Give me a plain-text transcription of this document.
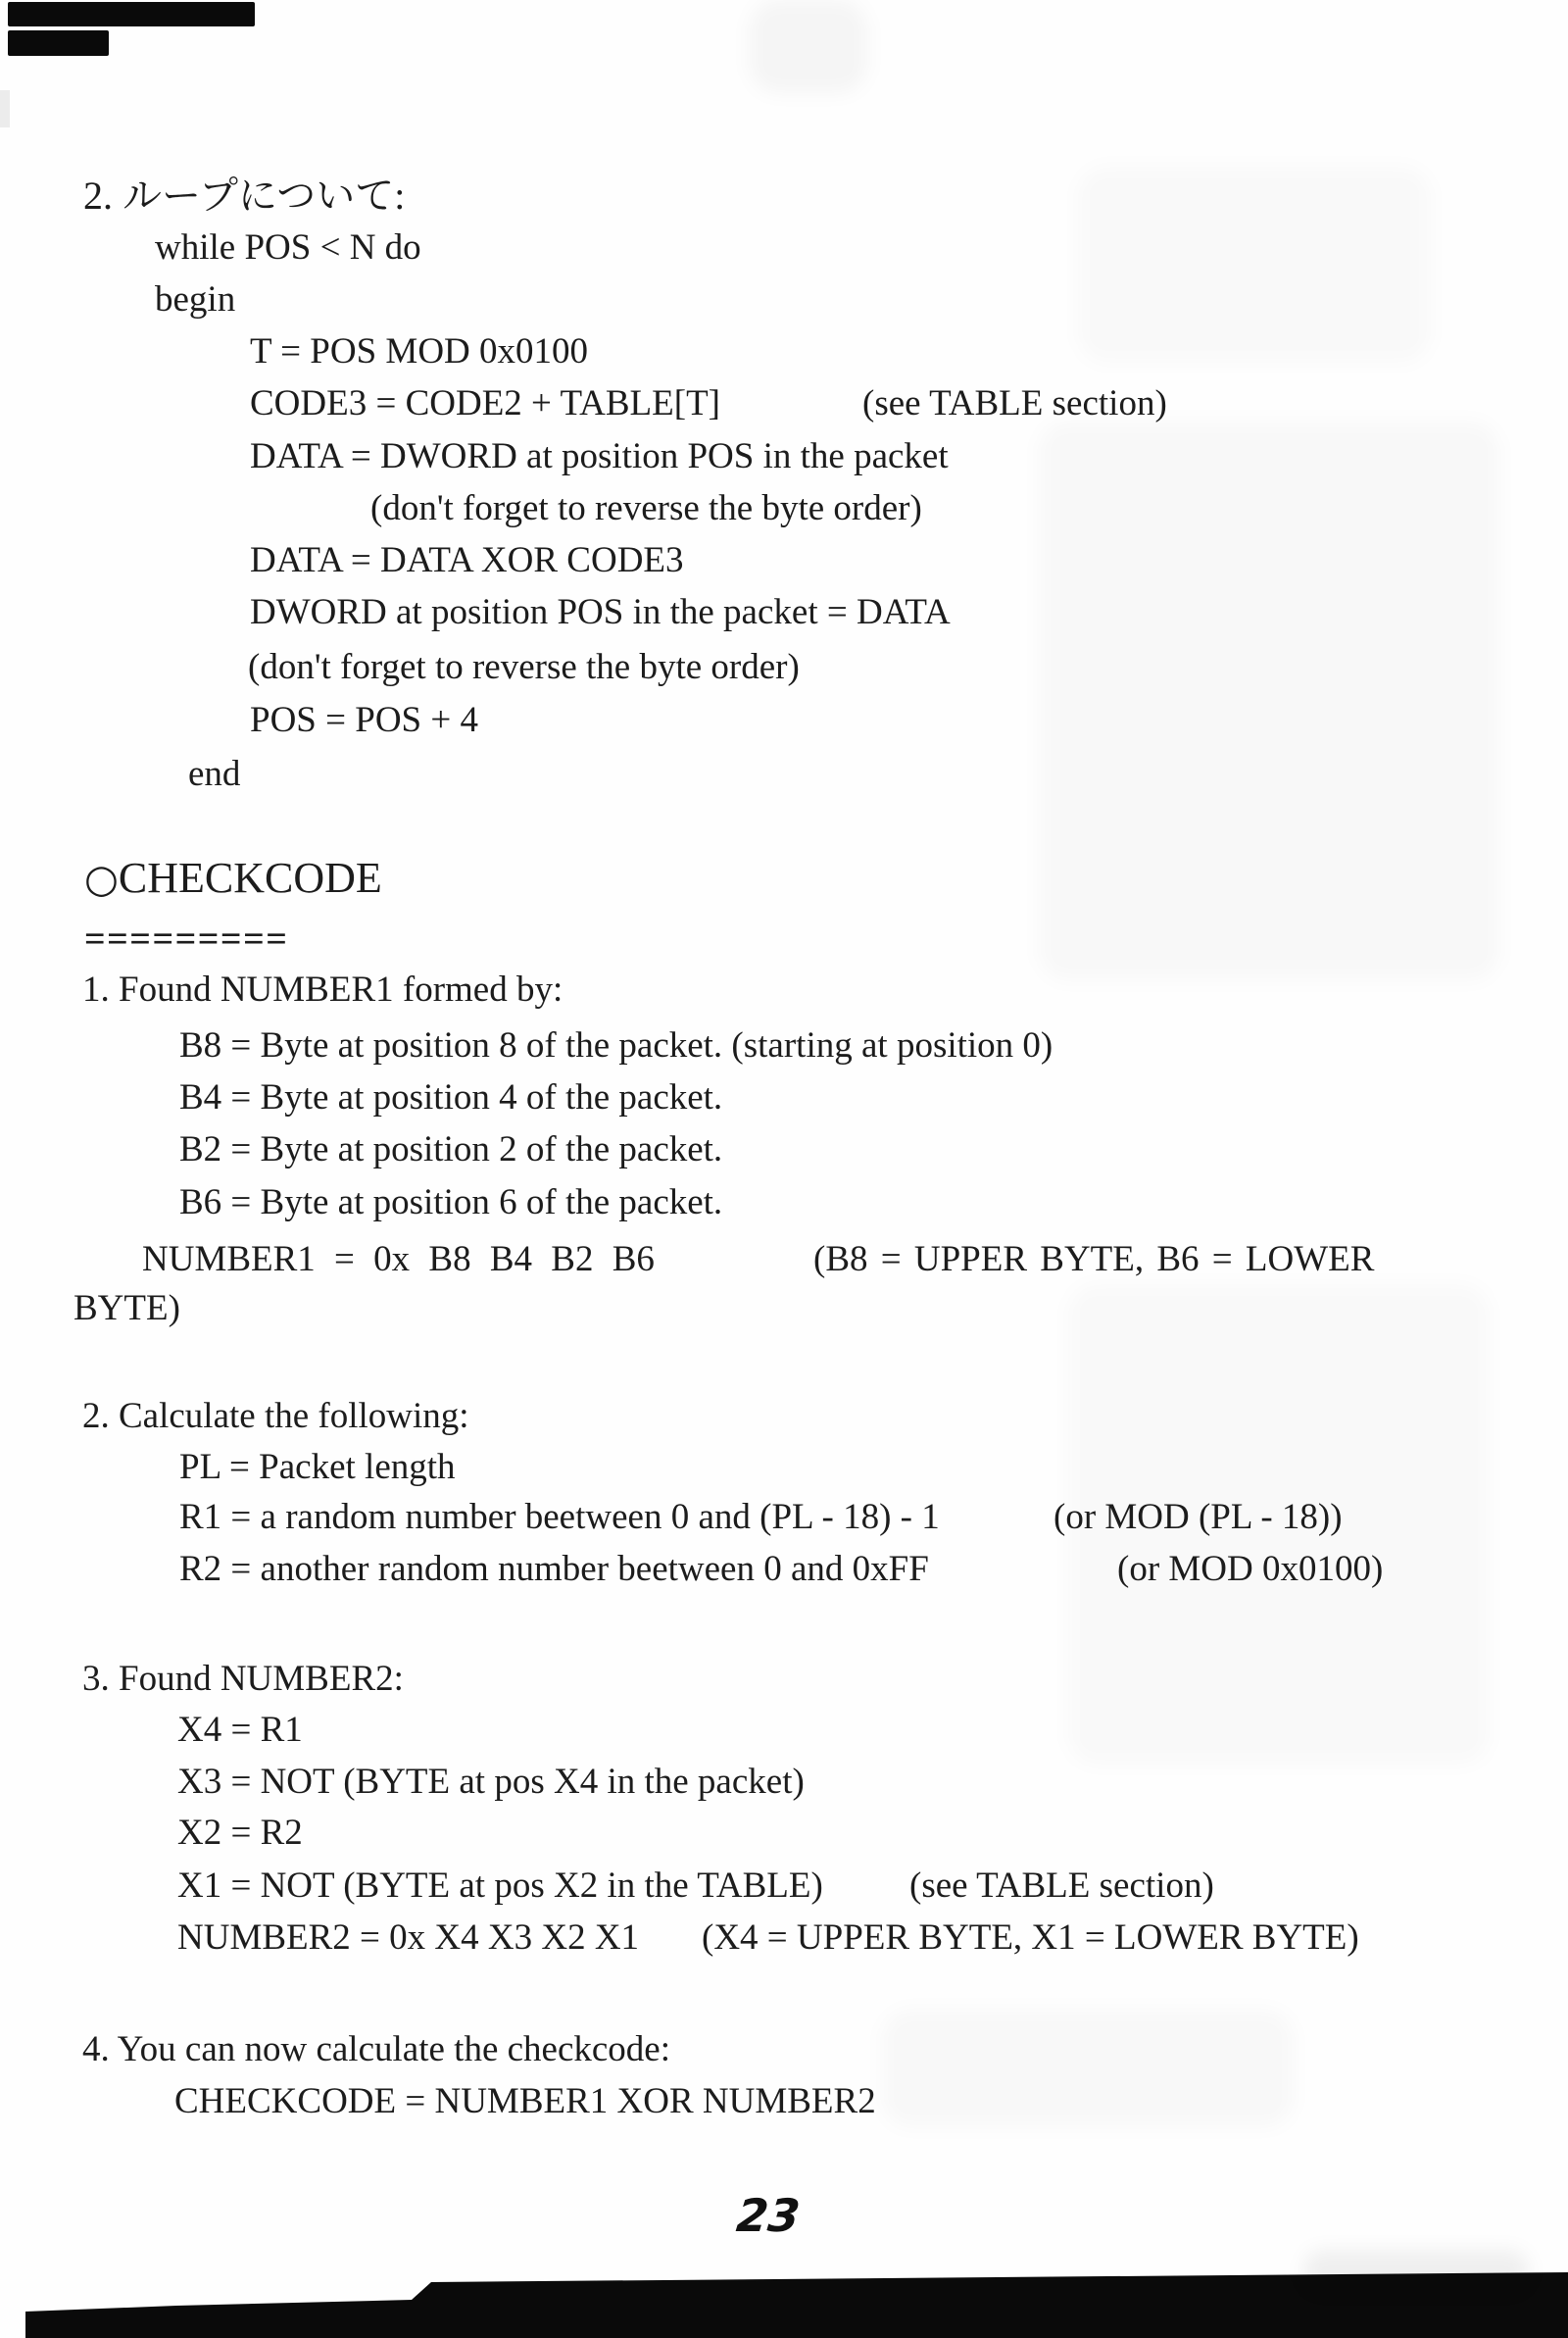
2. ループについて:
while POS < N do
begin
T = POS MOD 0x0100
CODE3 = CODE2 + TABLE[T]	(see TABLE section)
DATA = DWORD at position POS in the packet
(don't forget to reverse the byte order)
DATA = DATA XOR CODE3
DWORD at position POS in the packet = DATA
(don't forget to reverse the byte order)
POS = POS + 4
end
○CHECKCODE
=========
1. Found NUMBER1 formed by:
B8 = Byte at position 8 of the packet. (starting at position 0)
B4 = Byte at position 4 of the packet.
B2 = Byte at position 2 of the packet.
B6 = Byte at position 6 of the packet.
NUMBER1 = 0x B8 B4 B2 B6	(B8 = UPPER BYTE, B6 = LOWER
BYTE)
2. Calculate the following:
PL = Packet length
R1 = a random number beetween 0 and (PL - 18) - 1	(or MOD (PL - 18))
R2 = another random number beetween 0 and 0xFF	(or MOD 0x0100)
3. Found NUMBER2:
X4 = R1
X3 = NOT (BYTE at pos X4 in the packet)
X2 = R2
X1 = NOT (BYTE at pos X2 in the TABLE) (see TABLE section)
NUMBER2 = 0x X4 X3 X2 X1 (X4 = UPPER BYTE, X1 = LOWER BYTE)
4. You can now calculate the checkcode:
CHECKCODE = NUMBER1 XOR NUMBER2
23
